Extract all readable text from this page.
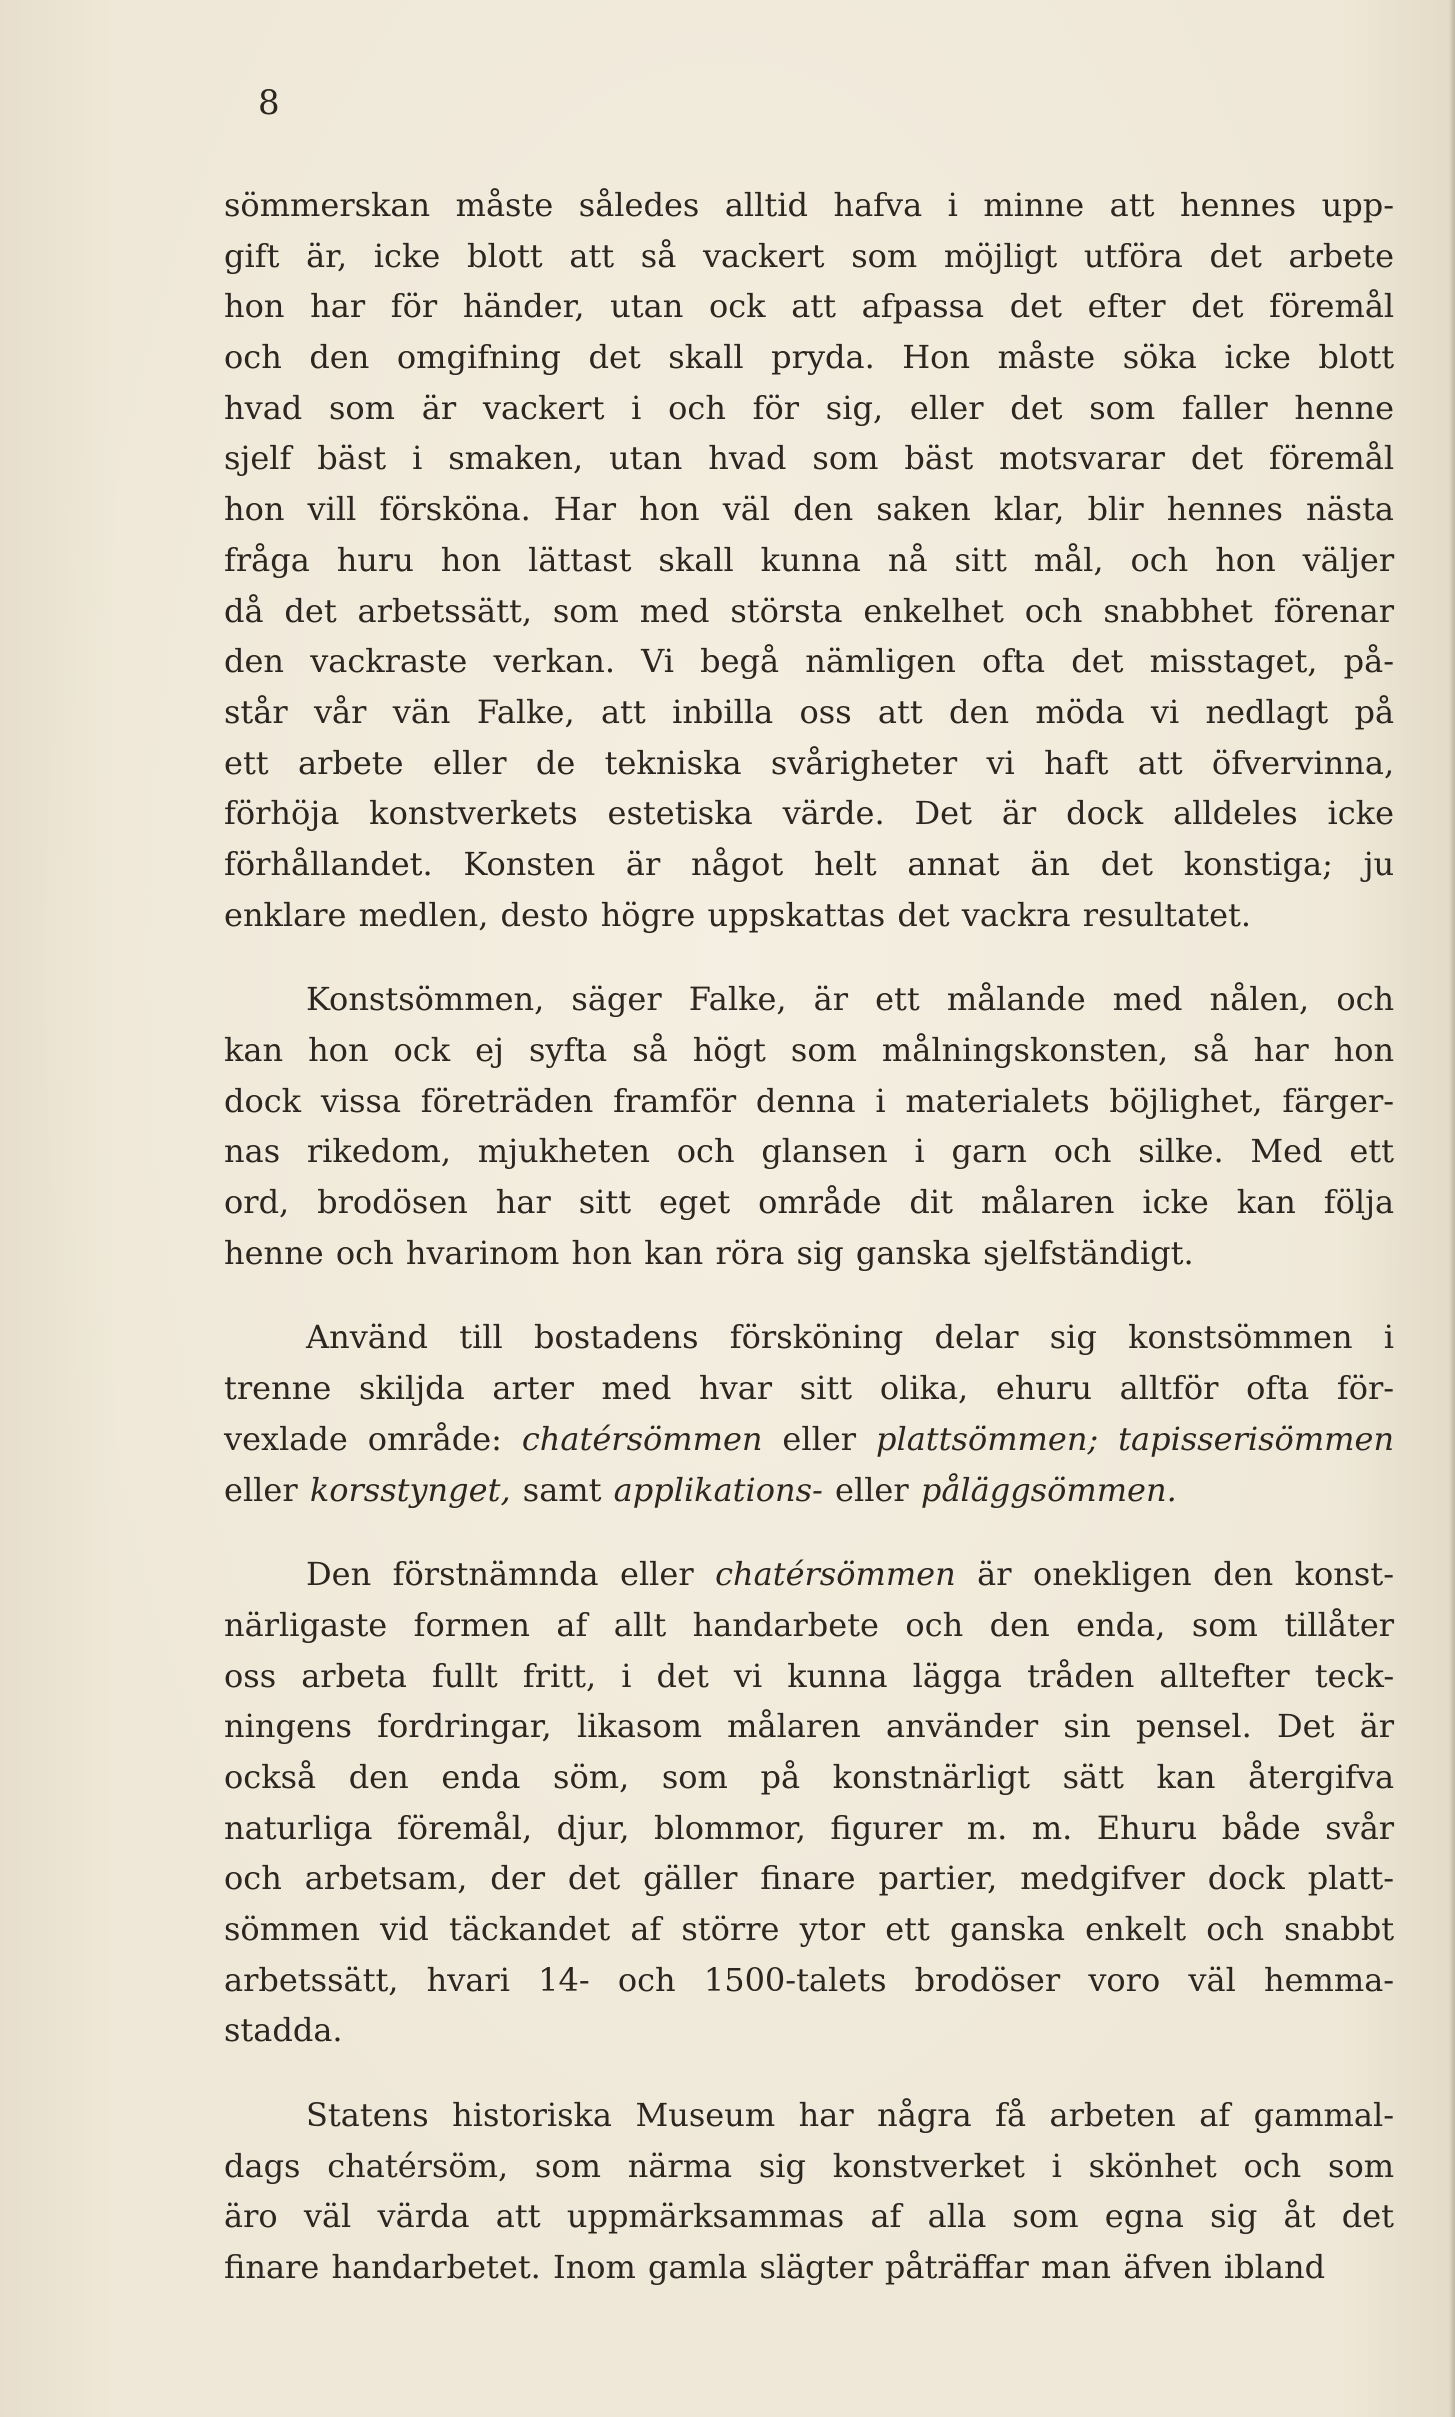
8
sömmerskan måste således alltid hafva i minne att hennes upp-
gift är, icke blott att så vackert som möjligt utföra det arbete
hon har för händer, utan ock att afpassa det efter det föremål
och den omgifning det skall pryda. Hon måste söka icke blott
hvad som är vackert i och för sig, eller det som faller henne
sjelf bäst i smaken, utan hvad som bäst motsvarar det föremål
hon vill försköna. Har hon väl den saken klar, blir hennes nästa
fråga huru hon lättast skall kunna nå sitt mål, och hon väljer
då det arbetssätt, som med största enkelhet och snabbhet förenar
den vackraste verkan. Vi begå nämligen ofta det misstaget, på-
står vår vän Falke, att inbilla oss att den möda vi nedlagt på
ett arbete eller de tekniska svårigheter vi haft att öfvervinna,
förhöja konstverkets estetiska värde. Det är dock alldeles icke
förhållandet. Konsten är något helt annat än det konstiga; ju
enklare medlen, desto högre uppskattas det vackra resultatet.
Konstsömmen, säger Falke, är ett målande med nålen, och
kan hon ock ej syfta så högt som målningskonsten, så har hon
dock vissa företräden framför denna i materialets böjlighet, färger-
nas rikedom, mjukheten och glansen i garn och silke. Med ett
ord, brodösen har sitt eget område dit målaren icke kan följa
henne och hvarinom hon kan röra sig ganska sjelfständigt.
Använd till bostadens försköning delar sig konstsömmen i
trenne skiljda arter med hvar sitt olika, ehuru alltför ofta för-
vexlade område: chatérsömmen eller plattsömmen; tapisserisömmen
eller korsstynget, samt applikations- eller påläggsömmen.
Den förstnämnda eller chatérsömmen är onekligen den konst-
närligaste formen af allt handarbete och den enda, som tillåter
oss arbeta fullt fritt, i det vi kunna lägga tråden alltefter teck-
ningens fordringar, likasom målaren använder sin pensel. Det är
också den enda söm, som på konstnärligt sätt kan återgifva
naturliga föremål, djur, blommor, figurer m. m. Ehuru både svår
och arbetsam, der det gäller finare partier, medgifver dock platt-
sömmen vid täckandet af större ytor ett ganska enkelt och snabbt
arbetssätt, hvari 14- och 1500-talets brodöser voro väl hemma-
stadda.
Statens historiska Museum har några få arbeten af gammal-
dags chatérsöm, som närma sig konstverket i skönhet och som
äro väl värda att uppmärksammas af alla som egna sig åt det
finare handarbetet. Inom gamla slägter påträffar man äfven ibland
